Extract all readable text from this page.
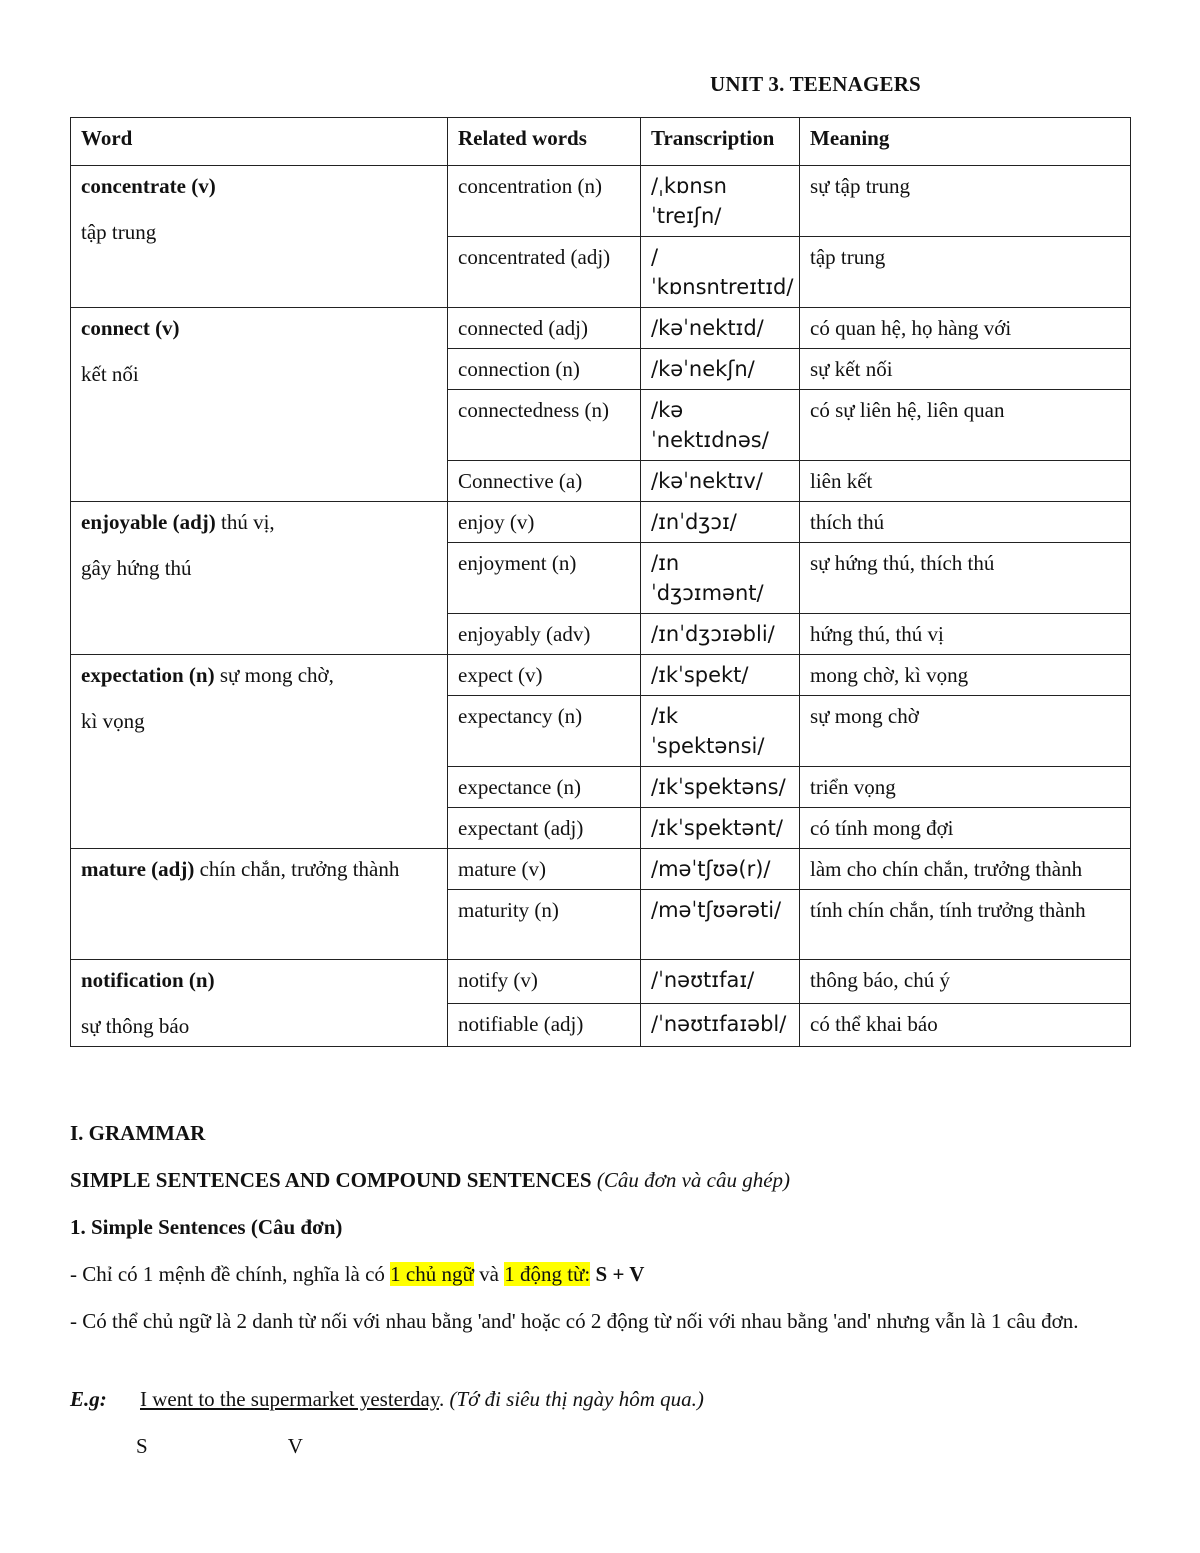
UNIT 3. TEENAGERS
Word	Related words	Transcription	Meaning

concentrate (v)

tập trung	concentration (n)	/ˌkɒnsnˈtreɪʃn/	sự tập trung
	concentrated (adj)	/ˈkɒnsntreɪtɪd/	tập trung

connect (v)

kết nối	connected (adj)	/kəˈnektɪd/	có quan hệ, họ hàng với
	connection (n)	/kəˈnekʃn/	sự kết nối
	connectedness (n)	/kəˈnektɪdnəs/	có sự liên hệ, liên quan
	Connective (a)	/kəˈnektɪv/	liên kết

enjoyable (adj) thú vị,

gây hứng thú	enjoy (v)	/ɪnˈdʒɔɪ/	thích thú
	enjoyment (n)	/ɪnˈdʒɔɪmənt/	sự hứng thú, thích thú
	enjoyably (adv)	/ɪnˈdʒɔɪəbli/	hứng thú, thú vị

expectation (n) sự mong chờ,

kì vọng	expect (v)	/ɪkˈspekt/	mong chờ, kì vọng
	expectancy (n)	/ɪkˈspektənsi/	sự mong chờ
	expectance (n)	/ɪkˈspektəns/	triển vọng
	expectant (adj)	/ɪkˈspektənt/	có tính mong đợi

mature (adj) chín chắn, trưởng thành	mature (v)	/məˈtʃʊə(r)/	làm cho chín chắn, trưởng thành
	maturity (n)	/məˈtʃʊərəti/	tính chín chắn, tính trưởng thành

notification (n)

sự thông báo	notify (v)	/ˈnəʊtɪfaɪ/	thông báo, chú ý
	notifiable (adj)	/ˈnəʊtɪfaɪəbl/	có thể khai báo

I. GRAMMAR

SIMPLE SENTENCES AND COMPOUND SENTENCES (Câu đơn và câu ghép)

1. Simple Sentences (Câu đơn)

- Chỉ có 1 mệnh đề chính, nghĩa là có 1 chủ ngữ và 1 động từ: S + V

- Có thể chủ ngữ là 2 danh từ nối với nhau bằng 'and' hoặc có 2 động từ nối với nhau bằng 'and' nhưng vẫn là 1 câu đơn.

E.g: I went to the supermarket yesterday. (Tớ đi siêu thị ngày hôm qua.)

S	V
